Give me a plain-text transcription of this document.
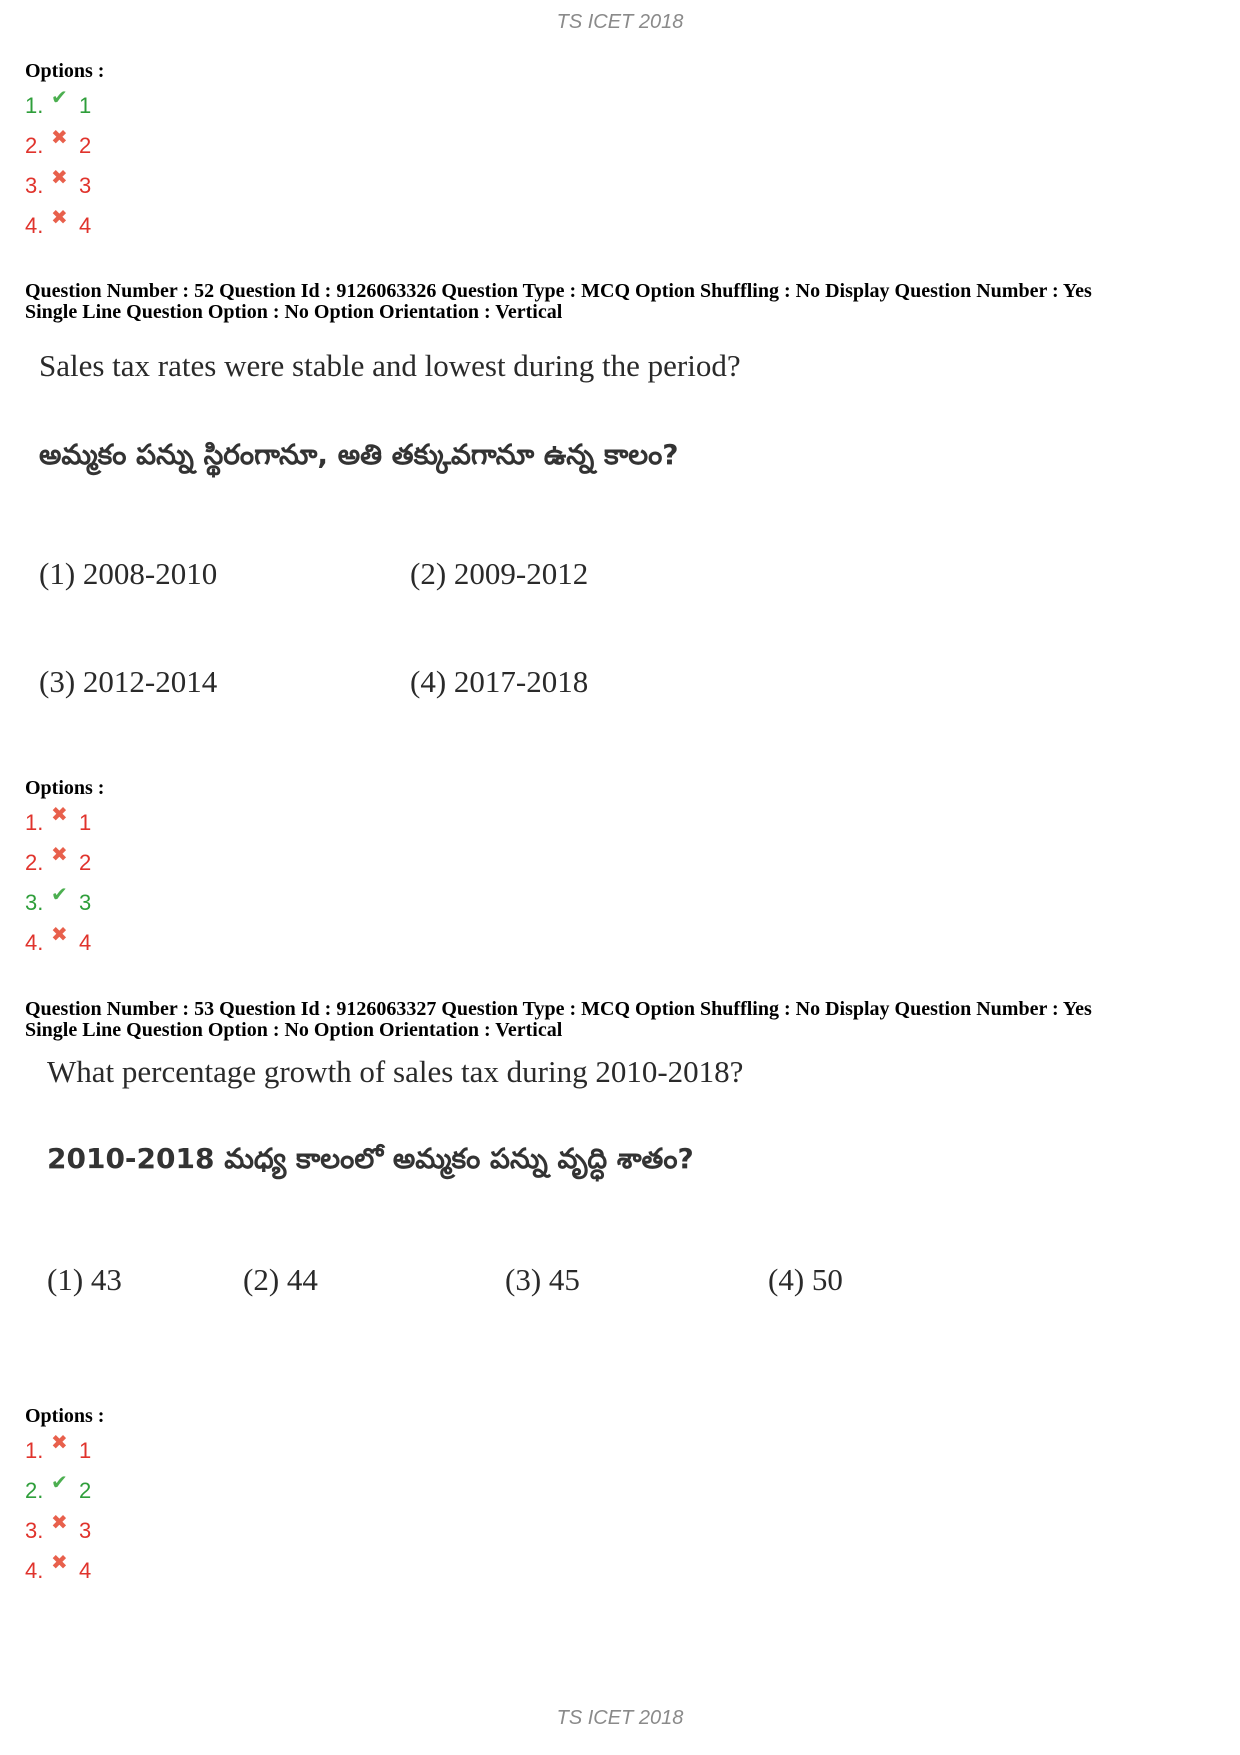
TS ICET 2018
Options :
1. ✔ 1
2. ✖ 2
3. ✖ 3
4. ✖ 4
Question Number : 52 Question Id : 9126063326 Question Type : MCQ Option Shuffling : No Display Question Number : Yes
Single Line Question Option : No Option Orientation : Vertical
Sales tax rates were stable and lowest during the period?
అమ్మకం పన్ను స్థిరంగానూ, అతి తక్కువగానూ ఉన్న కాలం?
(1) 2008-2010	(2) 2009-2012
(3) 2012-2014	(4) 2017-2018
Options :
1. ✖ 1
2. ✖ 2
3. ✔ 3
4. ✖ 4
Question Number : 53 Question Id : 9126063327 Question Type : MCQ Option Shuffling : No Display Question Number : Yes
Single Line Question Option : No Option Orientation : Vertical
What percentage growth of sales tax during 2010-2018?
2010-2018 మధ్య కాలంలో అమ్మకం పన్ను వృద్ధి శాతం?
(1) 43	(2) 44	(3) 45	(4) 50
Options :
1. ✖ 1
2. ✔ 2
3. ✖ 3
4. ✖ 4
TS ICET 2018
